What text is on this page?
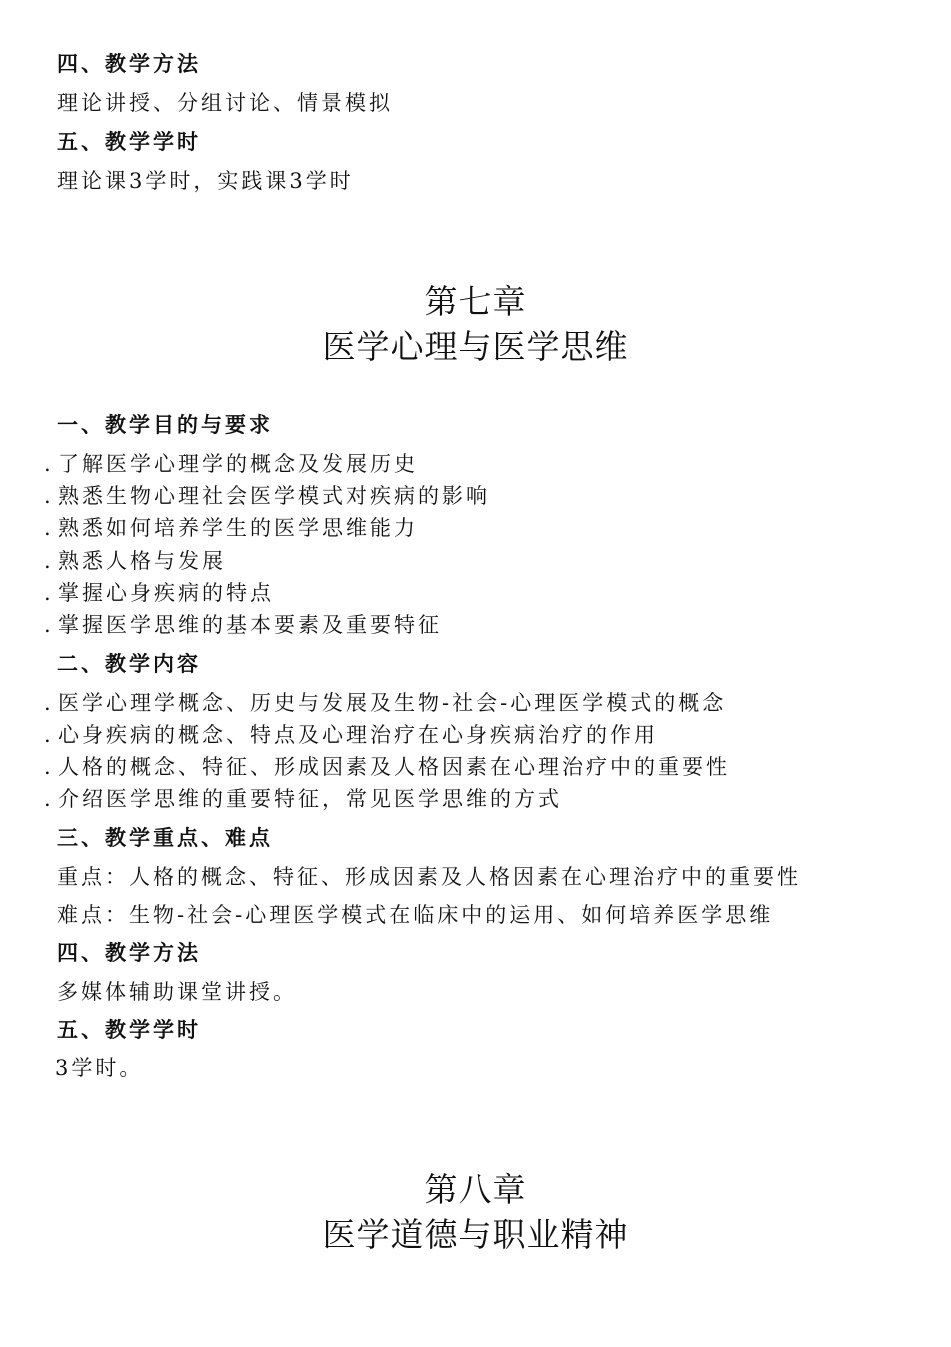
四、教学方法
理论讲授、分组讨论、情景模拟
五、教学学时
理论课3学时，实践课3学时
第七章
医学心理与医学思维
一、教学目的与要求
. 了解医学心理学的概念及发展历史
. 熟悉生物心理社会医学模式对疾病的影响
. 熟悉如何培养学生的医学思维能力
. 熟悉人格与发展
. 掌握心身疾病的特点
. 掌握医学思维的基本要素及重要特征
二、教学内容
. 医学心理学概念、历史与发展及生物-社会-心理医学模式的概念
. 心身疾病的概念、特点及心理治疗在心身疾病治疗的作用
. 人格的概念、特征、形成因素及人格因素在心理治疗中的重要性
. 介绍医学思维的重要特征，常见医学思维的方式
三、教学重点、难点
重点：人格的概念、特征、形成因素及人格因素在心理治疗中的重要性
难点：生物-社会-心理医学模式在临床中的运用、如何培养医学思维
四、教学方法
多媒体辅助课堂讲授。
五、教学学时
3学时。
第八章
医学道德与职业精神
